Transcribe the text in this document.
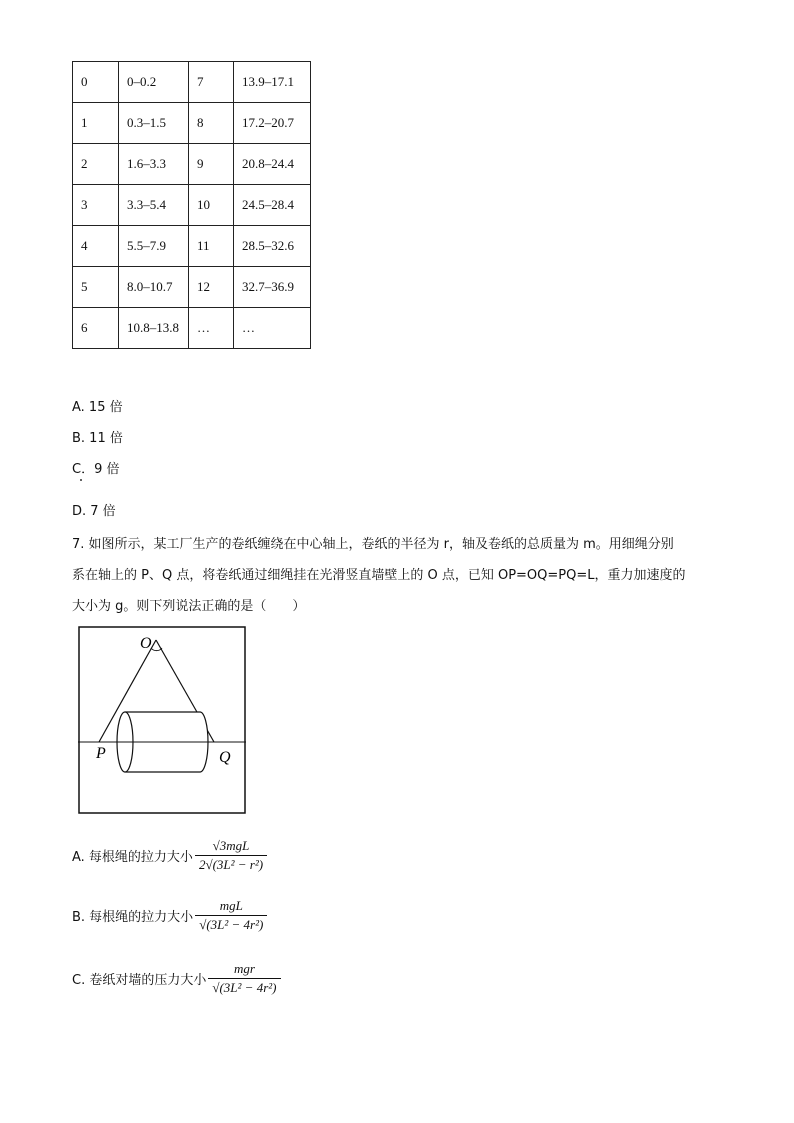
0	0–0.2	7	13.9–17.1
1	0.3–1.5	8	17.2–20.7
2	1.6–3.3	9	20.8–24.4
3	3.3–5.4	10	24.5–28.4
4	5.5–7.9	11	28.5–32.6
5	8.0–10.7	12	32.7–36.9
6	10.8–13.8	…	…
A. 15 倍
B. 11 倍
C．9 倍
D. 7 倍
7. 如图所示，某工厂生产的卷纸缠绕在中心轴上，卷纸的半径为 r，轴及卷纸的总质量为 m。用细绳分别
系在轴上的 P、Q 点，将卷纸通过细绳挂在光滑竖直墙壁上的 O 点，已知 OP=OQ=PQ=L，重力加速度的
大小为 g。则下列说法正确的是（　　）
O
P	Q
A. 每根绳的拉力大小 $\frac{\text{√3mgL}}{\text{2√(3L² − r²)}}$
B. 每根绳的拉力大小 $\frac{\text{mgL}}{\text{√(3L² − 4r²)}}$
C. 卷纸对墙的压力大小 $\frac{\text{mgr}}{\text{√(3L² − 4r²)}}$
